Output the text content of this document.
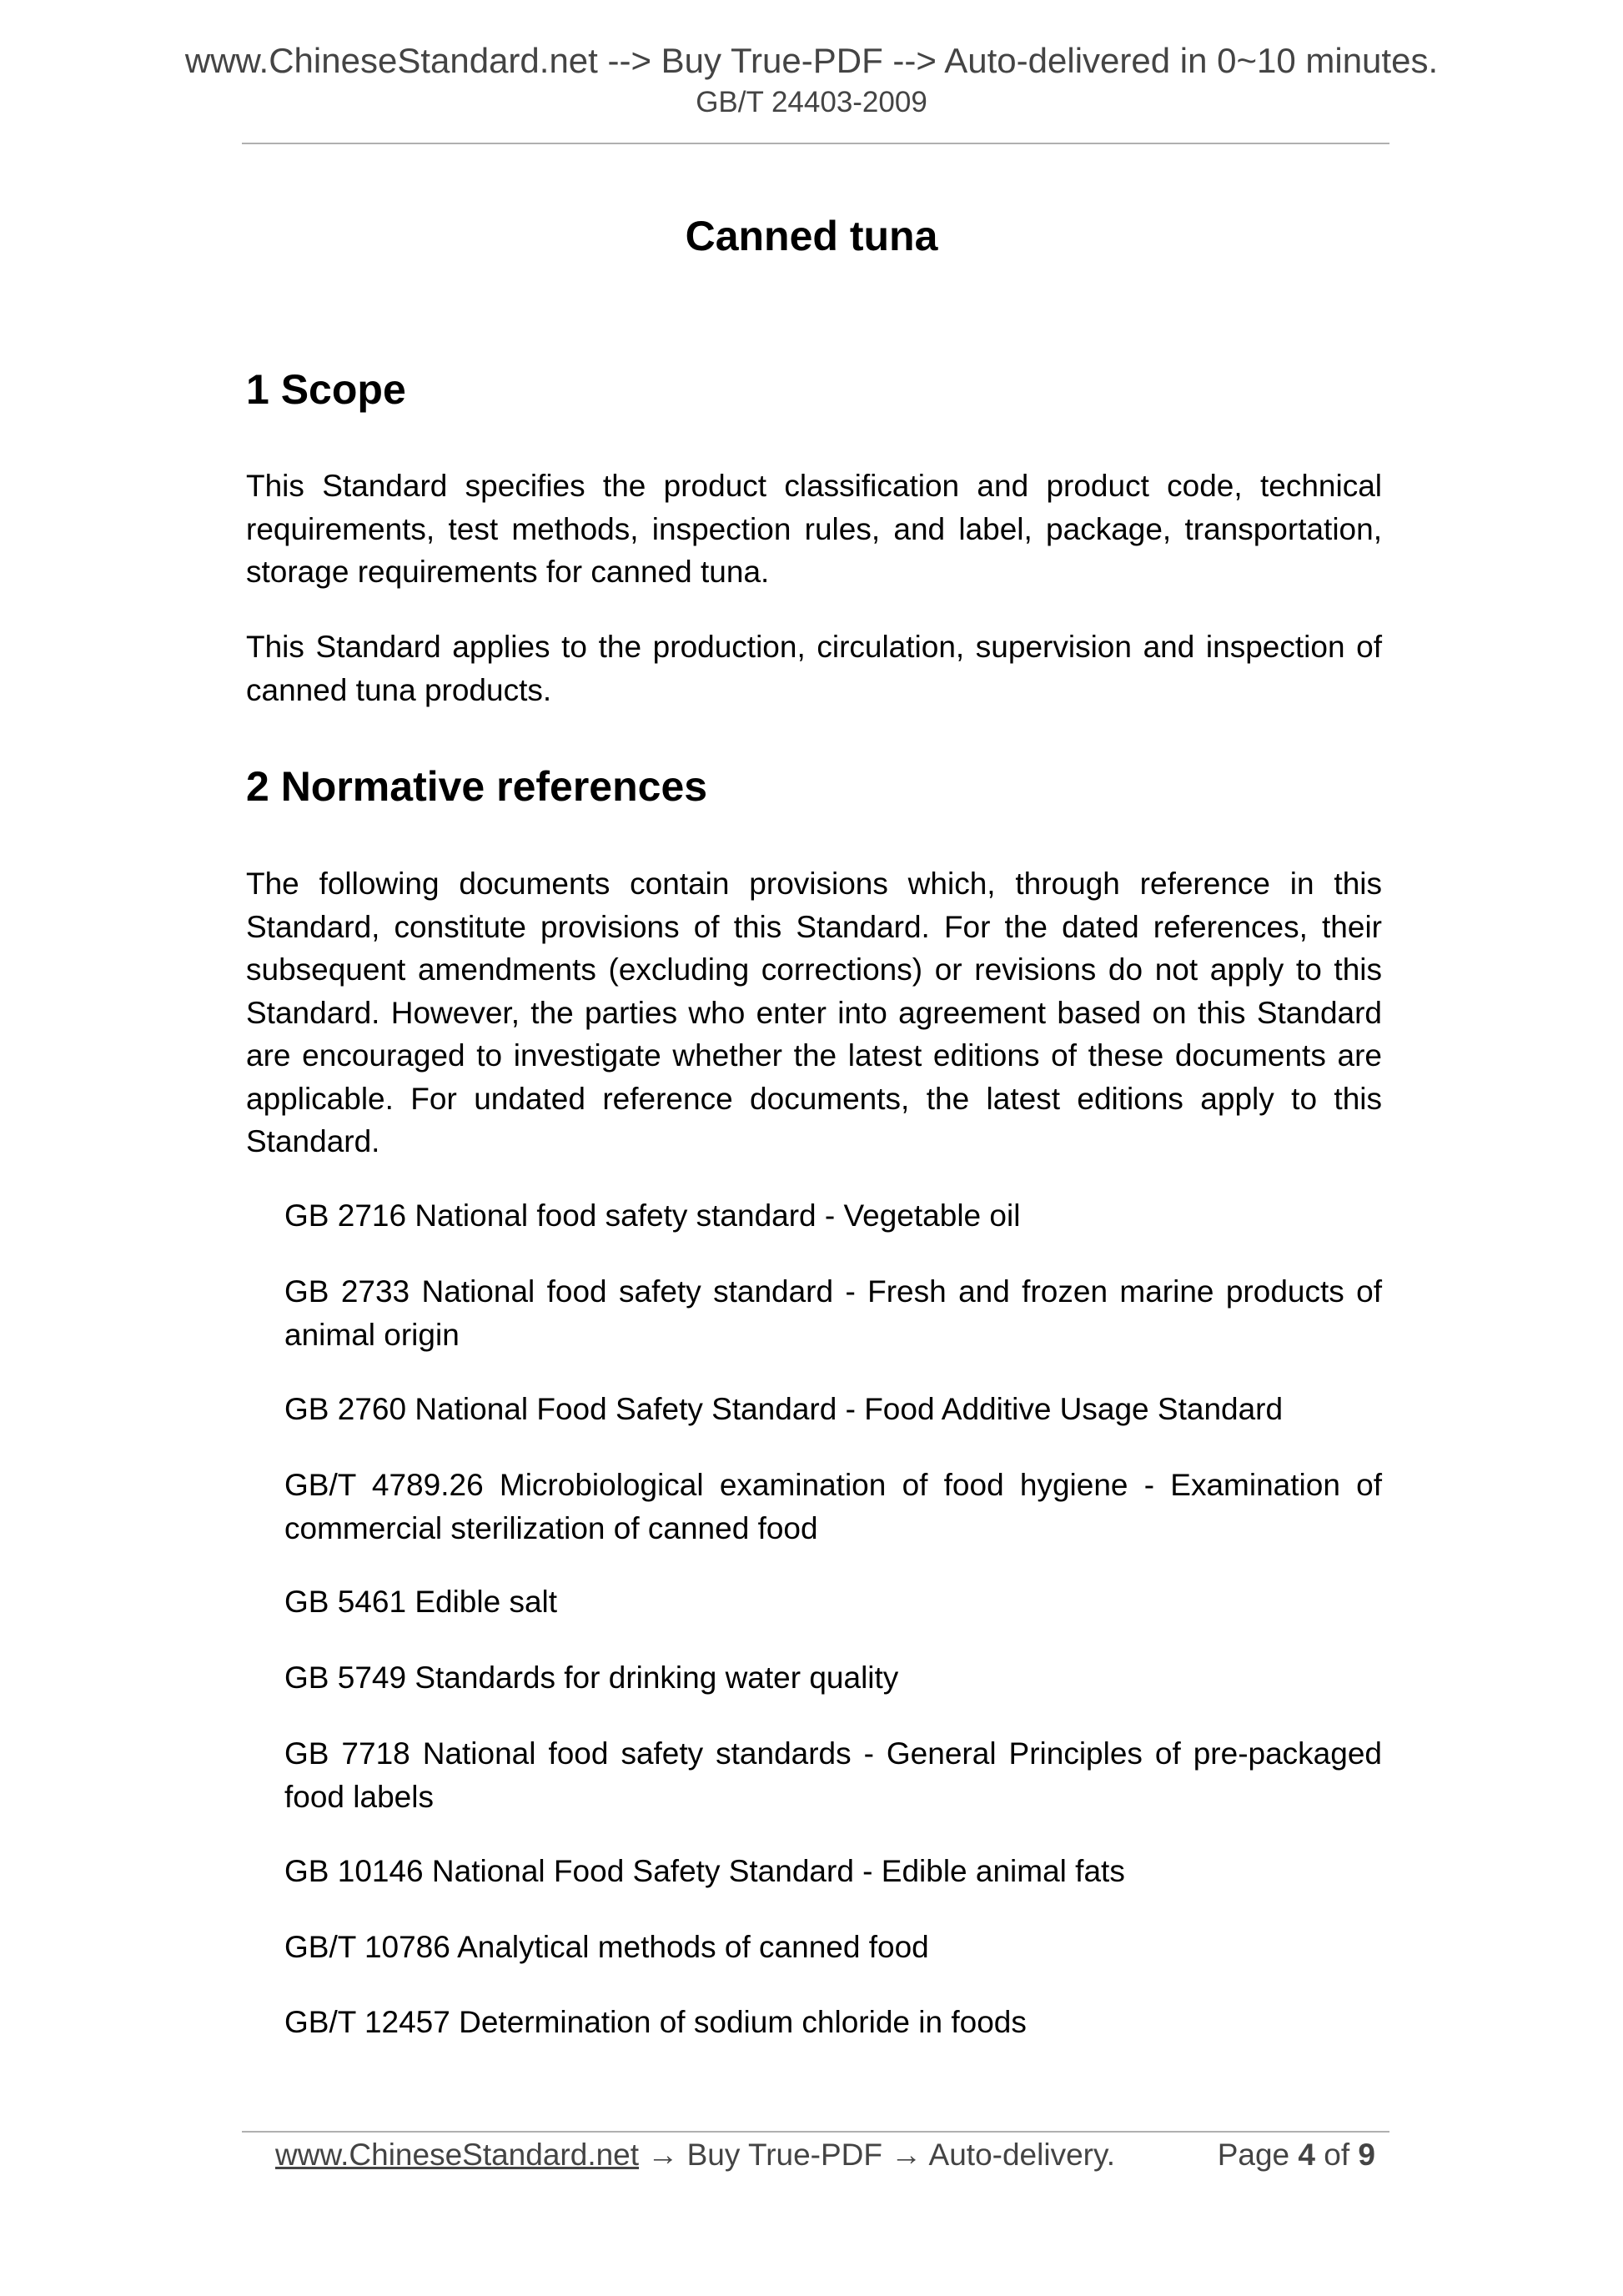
www.ChineseStandard.net --> Buy True-PDF --> Auto-delivered in 0~10 minutes.
GB/T 24403-2009
Canned tuna
1 Scope

This Standard specifies the product classification and product code, technical requirements, test methods, inspection rules, and label, package, transportation, storage requirements for canned tuna.

This Standard applies to the production, circulation, supervision and inspection of canned tuna products.

2 Normative references

The following documents contain provisions which, through reference in this Standard, constitute provisions of this Standard. For the dated references, their subsequent amendments (excluding corrections) or revisions do not apply to this Standard. However, the parties who enter into agreement based on this Standard are encouraged to investigate whether the latest editions of these documents are applicable. For undated reference documents, the latest editions apply to this Standard.

GB 2716 National food safety standard - Vegetable oil

GB 2733 National food safety standard - Fresh and frozen marine products of animal origin

GB 2760 National Food Safety Standard - Food Additive Usage Standard

GB/T 4789.26 Microbiological examination of food hygiene - Examination of commercial sterilization of canned food

GB 5461 Edible salt

GB 5749 Standards for drinking water quality

GB 7718 National food safety standards - General Principles of pre-packaged food labels

GB 10146 National Food Safety Standard - Edible animal fats

GB/T 10786 Analytical methods of canned food

GB/T 12457 Determination of sodium chloride in foods

www.ChineseStandard.net → Buy True-PDF → Auto-delivery.	Page 4 of 9
